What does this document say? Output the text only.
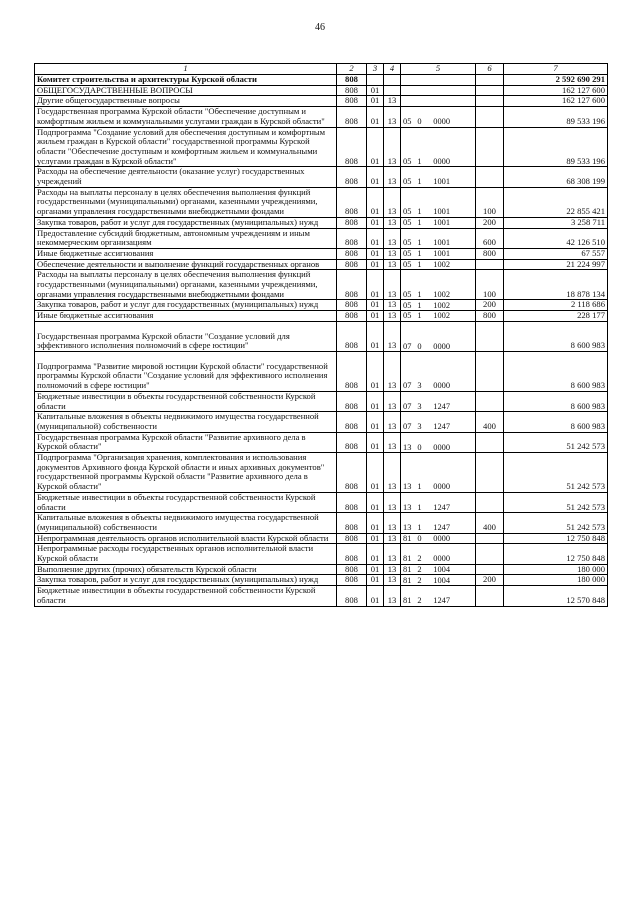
46
1	2	3	4	5	6	7

Комитет строительства и архитектуры Курской области	808					2 592 690 291

ОБЩЕГОСУДАРСТВЕННЫЕ ВОПРОСЫ	808	01				162 127 600

Другие общегосударственные вопросы	808	01	13			162 127 600

Государственная программа Курской области "Обеспечение доступным и комфортным жильем и коммунальными услугами граждан в Курской области"	808	01	13	05 0 0000		89 533 196

Подпрограмма "Создание условий для обеспечения доступным и комфортным жильем граждан в Курской области" государственной программы Курской области "Обеспечение доступным и комфортным жильем и коммунальными услугами граждан в Курской области"	808	01	13	05 1 0000		89 533 196

Расходы на обеспечение деятельности (оказание услуг) государственных учреждений	808	01	13	05 1 1001		68 308 199

Расходы на выплаты персоналу в целях обеспечения выполнения функций государственными (муниципальными) органами, казенными учреждениями, органами управления государственными внебюджетными фондами	808	01	13	05 1 1001	100	22 855 421

Закупка товаров, работ и услуг для государственных (муниципальных) нужд	808	01	13	05 1 1001	200	3 258 711

Предоставление субсидий бюджетным, автономным учреждениям и иным некоммерческим организациям	808	01	13	05 1 1001	600	42 126 510

Иные бюджетные ассигнования	808	01	13	05 1 1001	800	67 557

Обеспечение деятельности и выполнение функций государственных органов	808	01	13	05 1 1002		21 224 997

Расходы на выплаты персоналу в целях обеспечения выполнения функций государственными (муниципальными) органами, казенными учреждениями, органами управления государственными внебюджетными фондами	808	01	13	05 1 1002	100	18 878 134

Закупка товаров, работ и услуг для государственных (муниципальных) нужд	808	01	13	05 1 1002	200	2 118 686

Иные бюджетные ассигнования	808	01	13	05 1 1002	800	228 177

Государственная программа Курской области "Создание условий для эффективного исполнения полномочий в сфере юстиции"	808	01	13	07 0 0000		8 600 983

Подпрограмма "Развитие мировой юстиции Курской области" государственной программы Курской области "Создание условий для эффективного исполнения полномочий в сфере юстиции"	808	01	13	07 3 0000		8 600 983

Бюджетные инвестиции в объекты государственной собственности Курской области	808	01	13	07 3 1247		8 600 983

Капитальные вложения в объекты недвижимого имущества государственной (муниципальной) собственности	808	01	13	07 3 1247	400	8 600 983

Государственная программа Курской области "Развитие архивного дела в Курской области"	808	01	13	13 0 0000		51 242 573

Подпрограмма "Организация хранения, комплектования и использования документов Архивного фонда Курской области и иных архивных документов" государственной программы Курской области "Развитие архивного дела в Курской области"	808	01	13	13 1 0000		51 242 573

Бюджетные инвестиции в объекты государственной собственности Курской области	808	01	13	13 1 1247		51 242 573

Капитальные вложения в объекты недвижимого имущества государственной (муниципальной) собственности	808	01	13	13 1 1247	400	51 242 573

Непрограммная деятельность органов исполнительной власти Курской области	808	01	13	81 0 0000		12 750 848

Непрограммные расходы государственных органов исполнительной власти Курской области	808	01	13	81 2 0000		12 750 848

Выполнение других (прочих) обязательств Курской области	808	01	13	81 2 1004		180 000

Закупка товаров, работ и услуг для государственных (муниципальных) нужд	808	01	13	81 2 1004	200	180 000

Бюджетные инвестиции в объекты государственной собственности Курской области	808	01	13	81 2 1247		12 570 848
